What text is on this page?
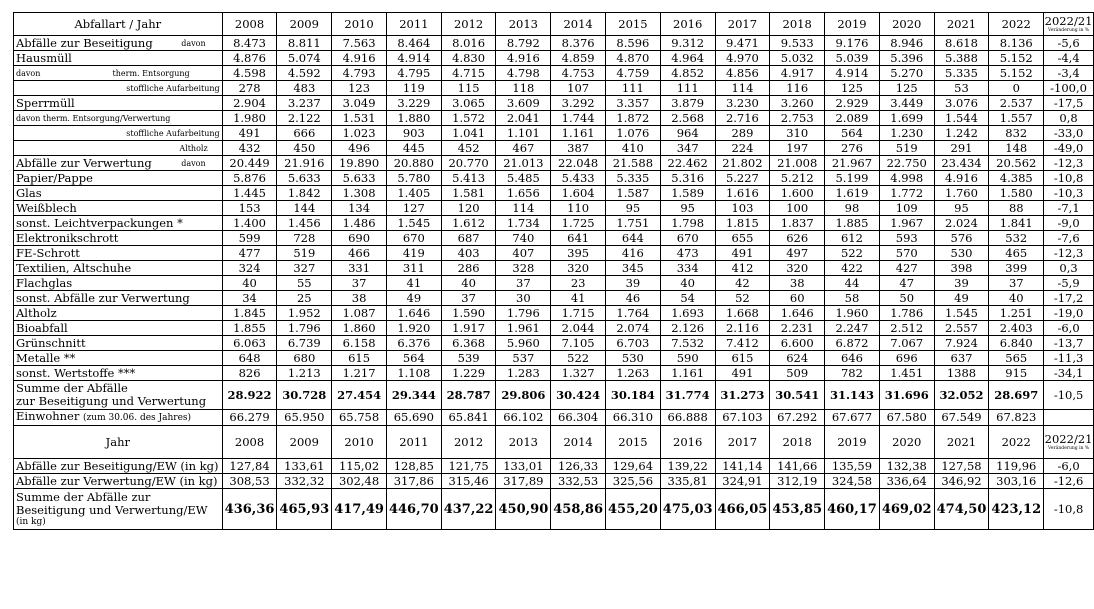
Abfallart / Jahr	2008	2009	2010	2011	2012	2013	2014	2015	2016	2017	2018	2019	2020	2021	2022	2022/21
Veränderung in %

Abfälle zur Beseitigung davon	8.473	8.811	7.563	8.464	8.016	8.792	8.376	8.596	9.312	9.471	9.533	9.176	8.946	8.618	8.136	-5,6
Hausmüll	4.876	5.074	4.916	4.914	4.830	4.916	4.859	4.870	4.964	4.970	5.032	5.039	5.396	5.388	5.152	-4,4

davon therm. Entsorgung	4.598	4.592	4.793	4.795	4.715	4.798	4.753	4.759	4.852	4.856	4.917	4.914	5.270	5.335	5.152	-3,4
stoffliche Aufarbeitung	278	483	123	119	115	118	107	111	111	114	116	125	125	53	0	-100,0
Sperrmüll	2.904	3.237	3.049	3.229	3.065	3.609	3.292	3.357	3.879	3.230	3.260	2.929	3.449	3.076	2.537	-17,5
davon therm. Entsorgung/Verwertung	1.980	2.122	1.531	1.880	1.572	2.041	1.744	1.872	2.568	2.716	2.753	2.089	1.699	1.544	1.557	0,8
stoffliche Aufarbeitung	491	666	1.023	903	1.041	1.101	1.161	1.076	964	289	310	564	1.230	1.242	832	-33,0
Altholz	432	450	496	445	452	467	387	410	347	224	197	276	519	291	148	-49,0

Abfälle zur Verwertung davon	20.449	21.916	19.890	20.880	20.770	21.013	22.048	21.588	22.462	21.802	21.008	21.967	22.750	23.434	20.562	-12,3
Papier/Pappe	5.876	5.633	5.633	5.780	5.413	5.485	5.433	5.335	5.316	5.227	5.212	5.199	4.998	4.916	4.385	-10,8
Glas	1.445	1.842	1.308	1.405	1.581	1.656	1.604	1.587	1.589	1.616	1.600	1.619	1.772	1.760	1.580	-10,3
Weißblech	153	144	134	127	120	114	110	95	95	103	100	98	109	95	88	-7,1
sonst. Leichtverpackungen *	1.400	1.456	1.486	1.545	1.612	1.734	1.725	1.751	1.798	1.815	1.837	1.885	1.967	2.024	1.841	-9,0
Elektronikschrott	599	728	690	670	687	740	641	644	670	655	626	612	593	576	532	-7,6
FE-Schrott	477	519	466	419	403	407	395	416	473	491	497	522	570	530	465	-12,3
Textilien, Altschuhe	324	327	331	311	286	328	320	345	334	412	320	422	427	398	399	0,3
Flachglas	40	55	37	41	40	37	23	39	40	42	38	44	47	39	37	-5,9
sonst. Abfälle zur Verwertung	34	25	38	49	37	30	41	46	54	52	60	58	50	49	40	-17,2
Altholz	1.845	1.952	1.087	1.646	1.590	1.796	1.715	1.764	1.693	1.668	1.646	1.960	1.786	1.545	1.251	-19,0
Bioabfall	1.855	1.796	1.860	1.920	1.917	1.961	2.044	2.074	2.126	2.116	2.231	2.247	2.512	2.557	2.403	-6,0
Grünschnitt	6.063	6.739	6.158	6.376	6.368	5.960	7.105	6.703	7.532	7.412	6.600	6.872	7.067	7.924	6.840	-13,7
Metalle **	648	680	615	564	539	537	522	530	590	615	624	646	696	637	565	-11,3
sonst. Wertstoffe ***	826	1.213	1.217	1.108	1.229	1.283	1.327	1.263	1.161	491	509	782	1.451	1388	915	-34,1

Summe der Abfälle
zur Beseitigung und Verwertung	28.922	30.728	27.454	29.344	28.787	29.806	30.424	30.184	31.774	31.273	30.541	31.143	31.696	32.052	28.697	-10,5
Einwohner (zum 30.06. des Jahres)	66.279	65.950	65.758	65.690	65.841	66.102	66.304	66.310	66.888	67.103	67.292	67.677	67.580	67.549	67.823	
Jahr	2008	2009	2010	2011	2012	2013	2014	2015	2016	2017	2018	2019	2020	2021	2022	2022/21
Veränderung in %

Abfälle zur Beseitigung/EW (in kg)	127,84	133,61	115,02	128,85	121,75	133,01	126,33	129,64	139,22	141,14	141,66	135,59	132,38	127,58	119,96	-6,0
Abfälle zur Verwertung/EW (in kg)	308,53	332,32	302,48	317,86	315,46	317,89	332,53	325,56	335,81	324,91	312,19	324,58	336,64	346,92	303,16	-12,6

Summe der Abfälle zur
Beseitigung und Verwertung/EW
(in kg)	436,36	465,93	417,49	446,70	437,22	450,90	458,86	455,20	475,03	466,05	453,85	460,17	469,02	474,50	423,12	-10,8
